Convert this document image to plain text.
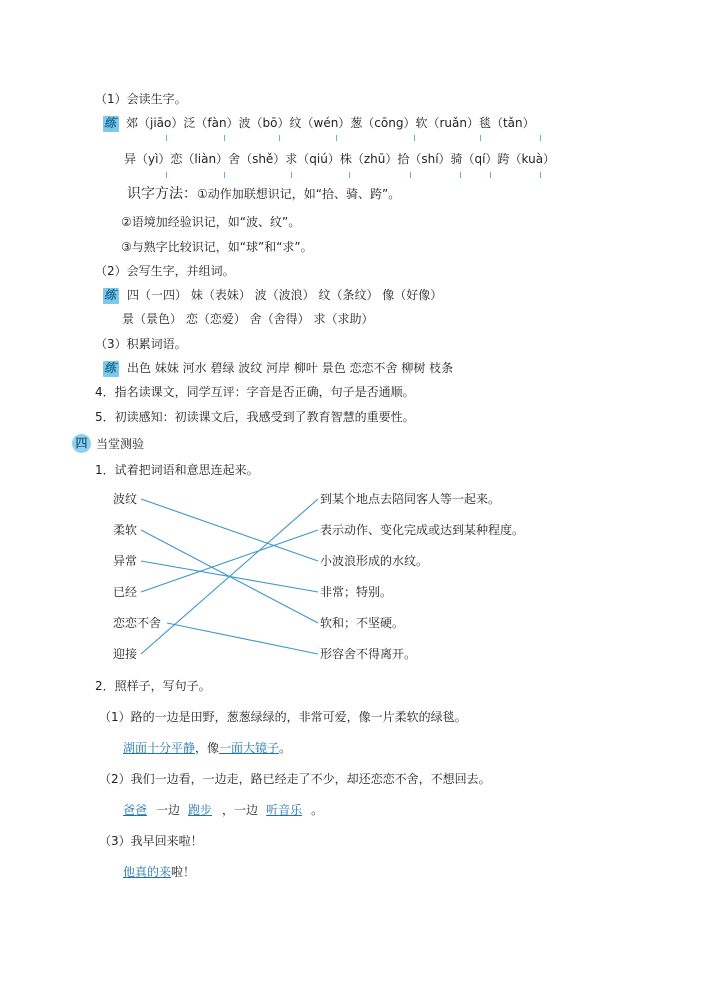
（1）会读生字。
练 郊（jiāo）泛（fàn）波（bō）纹（wén）葱（cōng）软（ruǎn）毯（tǎn）
异（yì）恋（liàn）舍（shě）求（qiú）株（zhū）拾（shí）骑（qí）跨（kuà）
识字方法：①动作加联想识记，如“拾、骑、跨”。
②语境加经验识记，如“波、纹”。
③与熟字比较识记，如“球”和“求”。
（2）会写生字，并组词。
练 四（一四） 妹（表妹） 波（波浪） 纹（条纹） 像（好像）
景（景色） 恋（恋爱） 舍（舍得） 求（求助）
（3）积累词语。
练 出色 妹妹 河水 碧绿 波纹 河岸 柳叶 景色 恋恋不舍 柳树 枝条
4．指名读课文，同学互评：字音是否正确，句子是否通顺。
5．初读感知：初读课文后，我感受到了教育智慧的重要性。
四 当堂测验
1．试着把词语和意思连起来。
波纹
柔软
异常
已经
恋恋不舍
迎接
到某个地点去陪同客人等一起来。
表示动作、变化完成或达到某种程度。
小波浪形成的水纹。
非常；特别。
软和；不坚硬。
形容舍不得离开。
2．照样子，写句子。
（1）路的一边是田野，葱葱绿绿的，非常可爱，像一片柔软的绿毯。
湖面十分平静，像一面大镜子。
（2）我们一边看，一边走，路已经走了不少，却还恋恋不舍，不想回去。
爸爸 一边 跑步 ，一边 听音乐 。
（3）我早回来啦！
他真的来啦！
